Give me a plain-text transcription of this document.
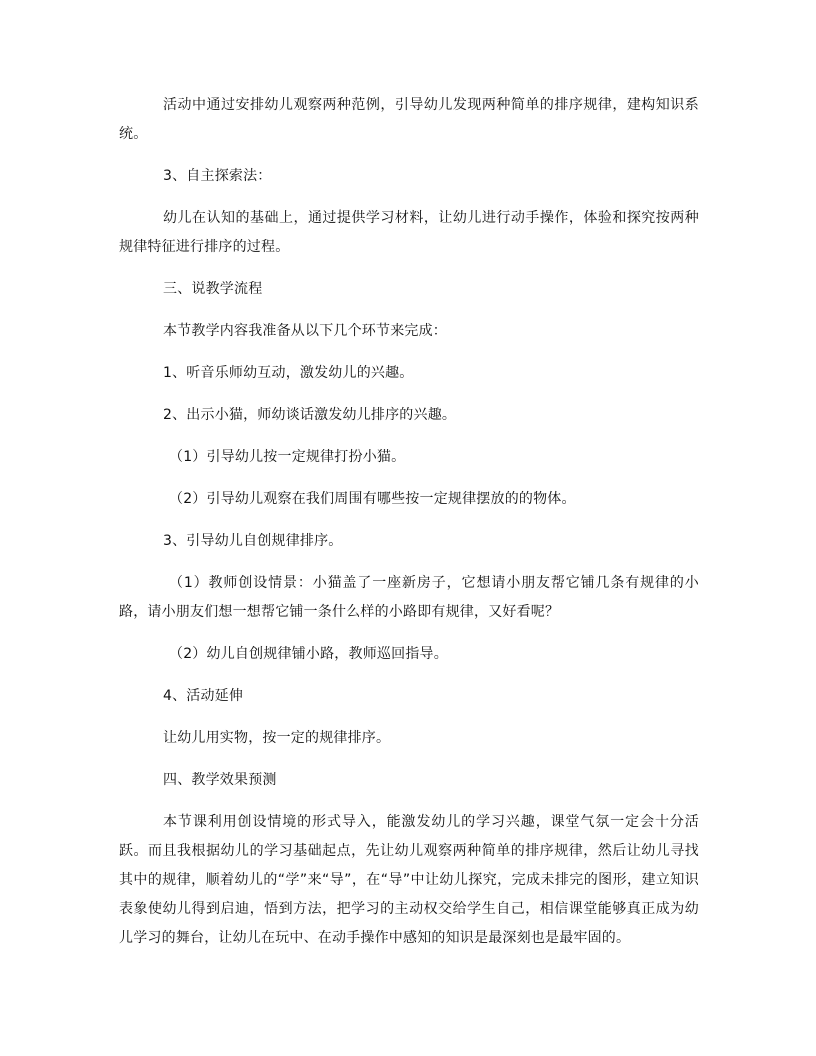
活动中通过安排幼儿观察两种范例，引导幼儿发现两种简单的排序规律，建构知识系统。

3、自主探索法：

幼儿在认知的基础上，通过提供学习材料，让幼儿进行动手操作，体验和探究按两种规律特征进行排序的过程。

三、说教学流程

本节教学内容我准备从以下几个环节来完成：

1、听音乐师幼互动，激发幼儿的兴趣。

2、出示小猫，师幼谈话激发幼儿排序的兴趣。

（1）引导幼儿按一定规律打扮小猫。

（2）引导幼儿观察在我们周围有哪些按一定规律摆放的的物体。

3、引导幼儿自创规律排序。

（1）教师创设情景：小猫盖了一座新房子，它想请小朋友帮它铺几条有规律的小路，请小朋友们想一想帮它铺一条什么样的小路即有规律，又好看呢？

（2）幼儿自创规律铺小路，教师巡回指导。

4、活动延伸

让幼儿用实物，按一定的规律排序。

四、教学效果预测

本节课利用创设情境的形式导入，能激发幼儿的学习兴趣，课堂气氛一定会十分活跃。而且我根据幼儿的学习基础起点，先让幼儿观察两种简单的排序规律，然后让幼儿寻找其中的规律，顺着幼儿的“学”来“导”，在“导”中让幼儿探究，完成未排完的图形，建立知识表象使幼儿得到启迪，悟到方法，把学习的主动权交给学生自己，相信课堂能够真正成为幼儿学习的舞台，让幼儿在玩中、在动手操作中感知的知识是最深刻也是最牢固的。
